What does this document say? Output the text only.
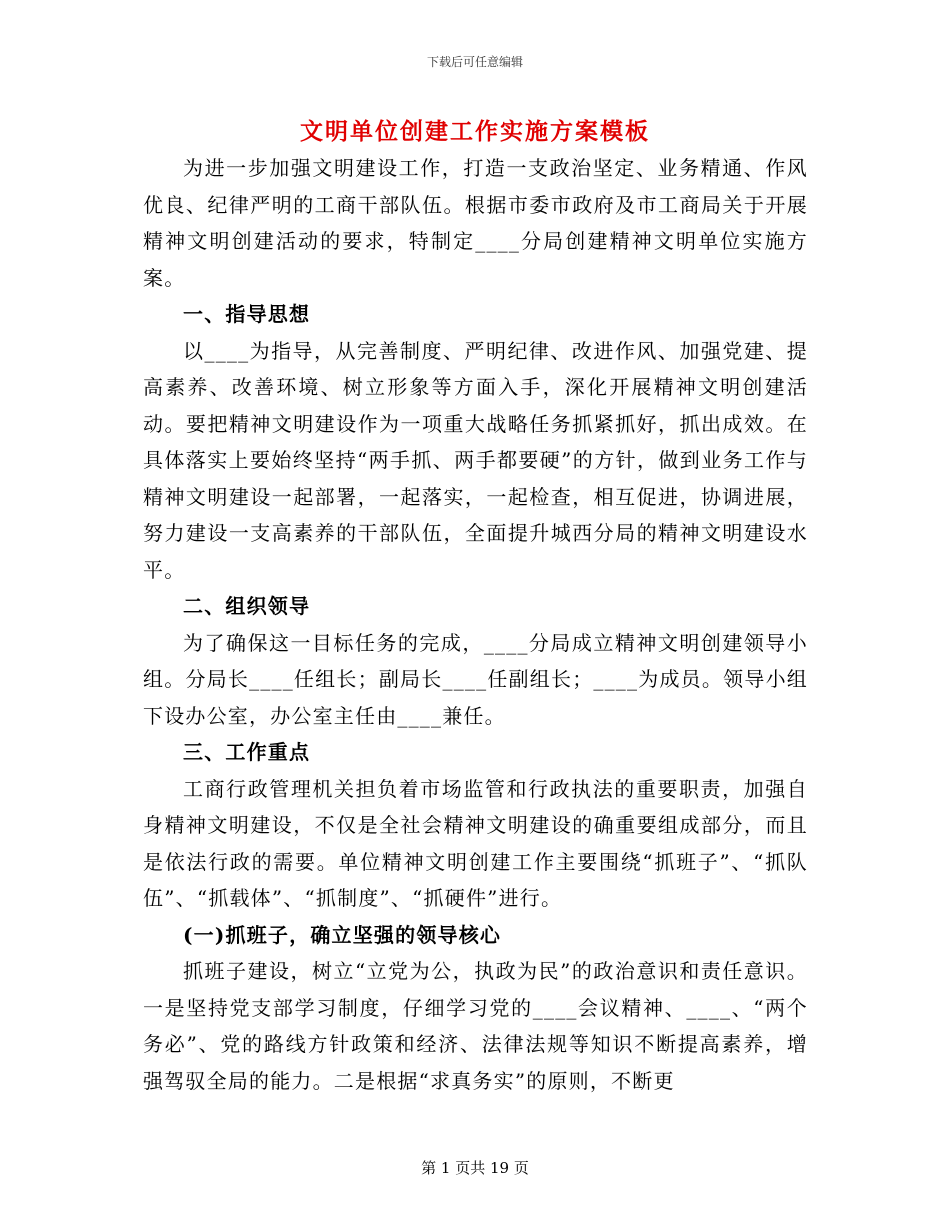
下载后可任意编辑
文明单位创建工作实施方案模板

为进一步加强文明建设工作，打造一支政治坚定、业务精通、作风优良、纪律严明的工商干部队伍。根据市委市政府及市工商局关于开展精神文明创建活动的要求，特制定____分局创建精神文明单位实施方案。

一、指导思想

以____为指导，从完善制度、严明纪律、改进作风、加强党建、提高素养、改善环境、树立形象等方面入手，深化开展精神文明创建活动。要把精神文明建设作为一项重大战略任务抓紧抓好，抓出成效。在具体落实上要始终坚持“两手抓、两手都要硬”的方针，做到业务工作与精神文明建设一起部署，一起落实，一起检查，相互促进，协调进展，努力建设一支高素养的干部队伍，全面提升城西分局的精神文明建设水平。

二、组织领导

为了确保这一目标任务的完成，____分局成立精神文明创建领导小组。分局长____任组长；副局长____任副组长；____为成员。领导小组下设办公室，办公室主任由____兼任。

三、工作重点

工商行政管理机关担负着市场监管和行政执法的重要职责，加强自身精神文明建设，不仅是全社会精神文明建设的确重要组成部分，而且是依法行政的需要。单位精神文明创建工作主要围绕“抓班子”、“抓队伍”、“抓载体”、“抓制度”、“抓硬件”进行。

(一)抓班子，确立坚强的领导核心

抓班子建设，树立“立党为公，执政为民”的政治意识和责任意识。一是坚持党支部学习制度，仔细学习党的____会议精神、____、“两个务必”、党的路线方针政策和经济、法律法规等知识不断提高素养，增强驾驭全局的能力。二是根据“求真务实”的原则，不断更

第 1 页共 19 页
